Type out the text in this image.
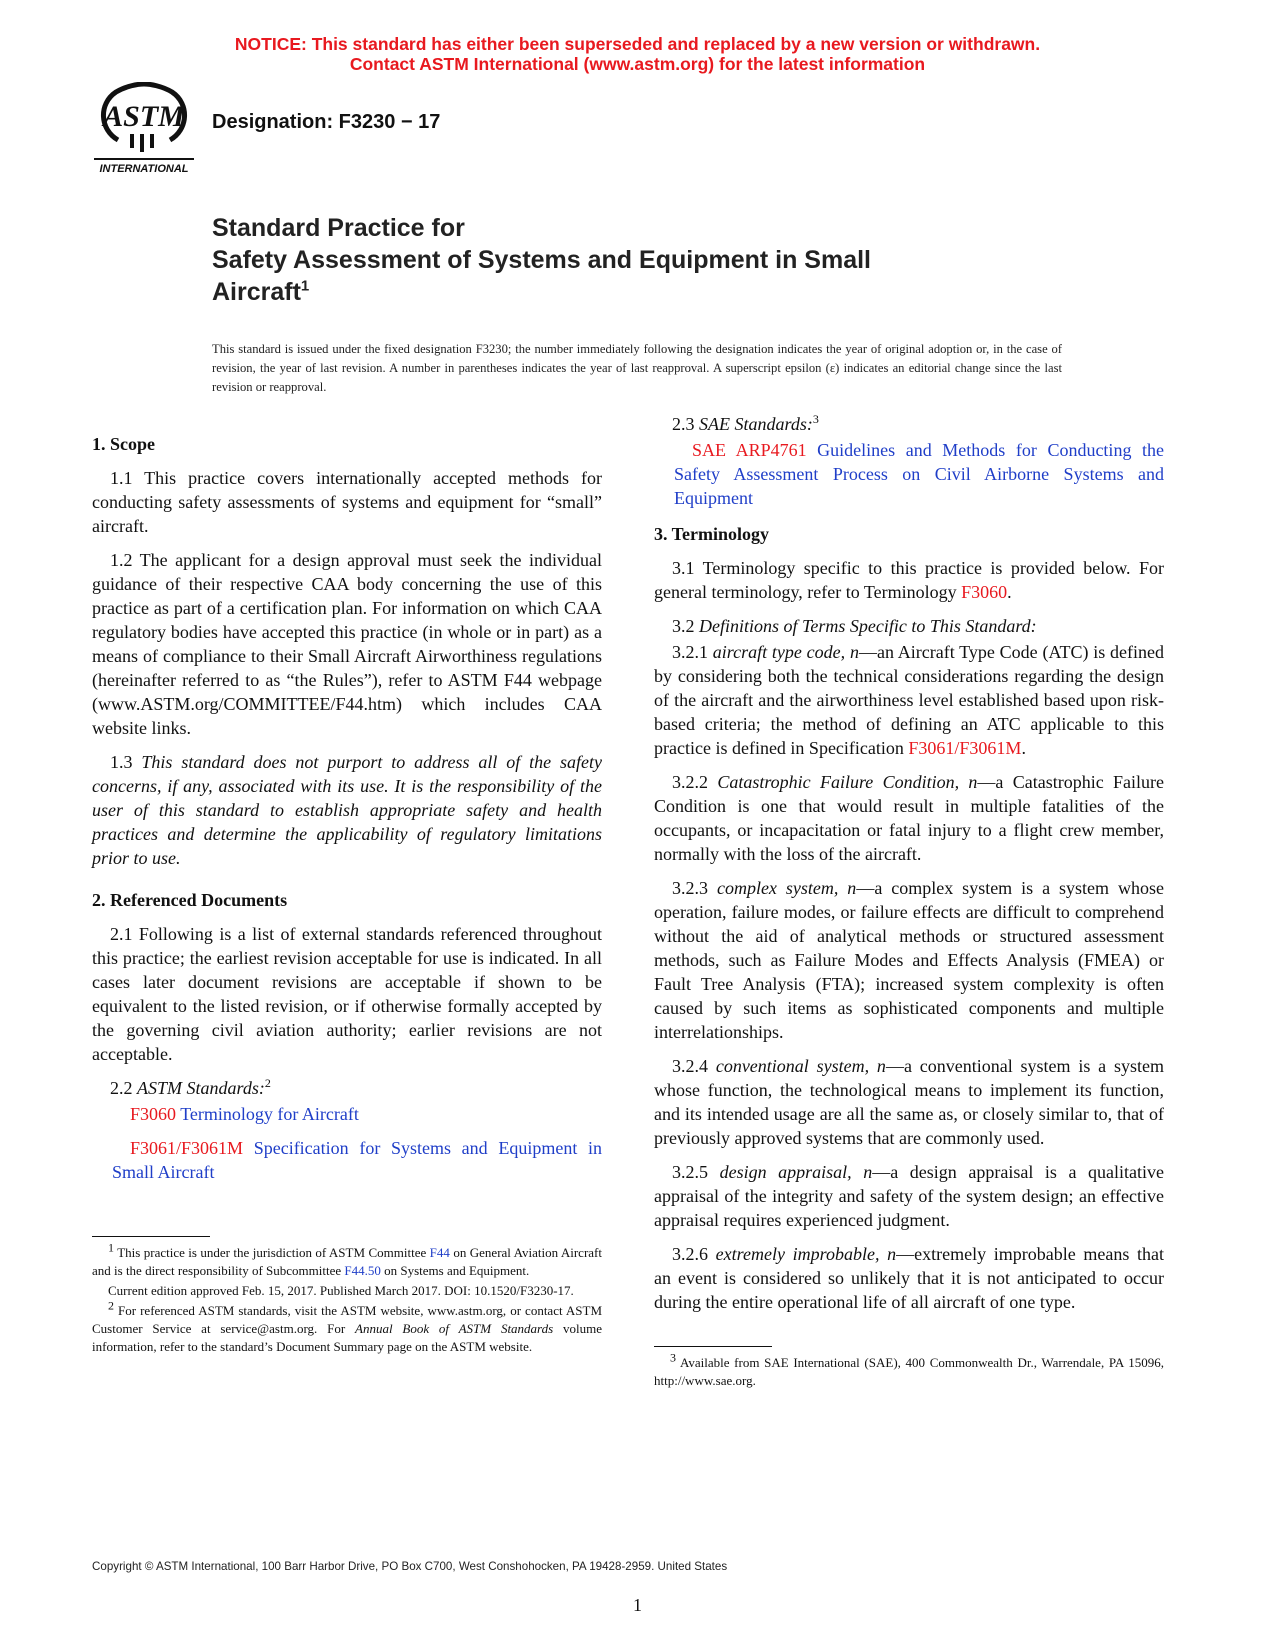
NOTICE: This standard has either been superseded and replaced by a new version or withdrawn.
Contact ASTM International (www.astm.org) for the latest information
ASTM
INTERNATIONAL
Designation: F3230 − 17
Standard Practice for
Safety Assessment of Systems and Equipment in Small
Aircraft$^1$
This standard is issued under the fixed designation F3230; the number immediately following the designation indicates the year of original adoption or, in the case of revision, the year of last revision. A number in parentheses indicates the year of last reapproval. A superscript epsilon (ε) indicates an editorial change since the last revision or reapproval.
1. Scope

1.1 This practice covers internationally accepted methods for conducting safety assessments of systems and equipment for “small” aircraft.

1.2 The applicant for a design approval must seek the individual guidance of their respective CAA body concerning the use of this practice as part of a certification plan. For information on which CAA regulatory bodies have accepted this practice (in whole or in part) as a means of compliance to their Small Aircraft Airworthiness regulations (hereinafter referred to as “the Rules”), refer to ASTM F44 webpage (www.ASTM.org/COMMITTEE/F44.htm) which includes CAA website links.

1.3 This standard does not purport to address all of the safety concerns, if any, associated with its use. It is the responsibility of the user of this standard to establish appropriate safety and health practices and determine the applicability of regulatory limitations prior to use.

2. Referenced Documents

2.1 Following is a list of external standards referenced throughout this practice; the earliest revision acceptable for use is indicated. In all cases later document revisions are acceptable if shown to be equivalent to the listed revision, or if otherwise formally accepted by the governing civil aviation authority; earlier revisions are not acceptable.

2.2 ASTM Standards:$^2$

F3060 Terminology for Aircraft

F3061/F3061M Specification for Systems and Equipment in Small Aircraft

2.3 SAE Standards:$^3$

SAE ARP4761 Guidelines and Methods for Conducting the Safety Assessment Process on Civil Airborne Systems and Equipment

3. Terminology

3.1 Terminology specific to this practice is provided below. For general terminology, refer to Terminology F3060.

3.2 Definitions of Terms Specific to This Standard:

3.2.1 aircraft type code, n—an Aircraft Type Code (ATC) is defined by considering both the technical considerations regarding the design of the aircraft and the airworthiness level established based upon risk-based criteria; the method of defining an ATC applicable to this practice is defined in Specification F3061/F3061M.

3.2.2 Catastrophic Failure Condition, n—a Catastrophic Failure Condition is one that would result in multiple fatalities of the occupants, or incapacitation or fatal injury to a flight crew member, normally with the loss of the aircraft.

3.2.3 complex system, n—a complex system is a system whose operation, failure modes, or failure effects are difficult to comprehend without the aid of analytical methods or structured assessment methods, such as Failure Modes and Effects Analysis (FMEA) or Fault Tree Analysis (FTA); increased system complexity is often caused by such items as sophisticated components and multiple interrelationships.

3.2.4 conventional system, n—a conventional system is a system whose function, the technological means to implement its function, and its intended usage are all the same as, or closely similar to, that of previously approved systems that are commonly used.

3.2.5 design appraisal, n—a design appraisal is a qualitative appraisal of the integrity and safety of the system design; an effective appraisal requires experienced judgment.

3.2.6 extremely improbable, n—extremely improbable means that an event is considered so unlikely that it is not anticipated to occur during the entire operational life of all aircraft of one type.

$^1$ This practice is under the jurisdiction of ASTM Committee F44 on General Aviation Aircraft and is the direct responsibility of Subcommittee F44.50 on Systems and Equipment.

Current edition approved Feb. 15, 2017. Published March 2017. DOI: 10.1520/F3230-17.

$^2$ For referenced ASTM standards, visit the ASTM website, www.astm.org, or contact ASTM Customer Service at service@astm.org. For Annual Book of ASTM Standards volume information, refer to the standard’s Document Summary page on the ASTM website.

$^3$ Available from SAE International (SAE), 400 Commonwealth Dr., Warrendale, PA 15096, http://www.sae.org.

Copyright © ASTM International, 100 Barr Harbor Drive, PO Box C700, West Conshohocken, PA 19428-2959. United States
1
